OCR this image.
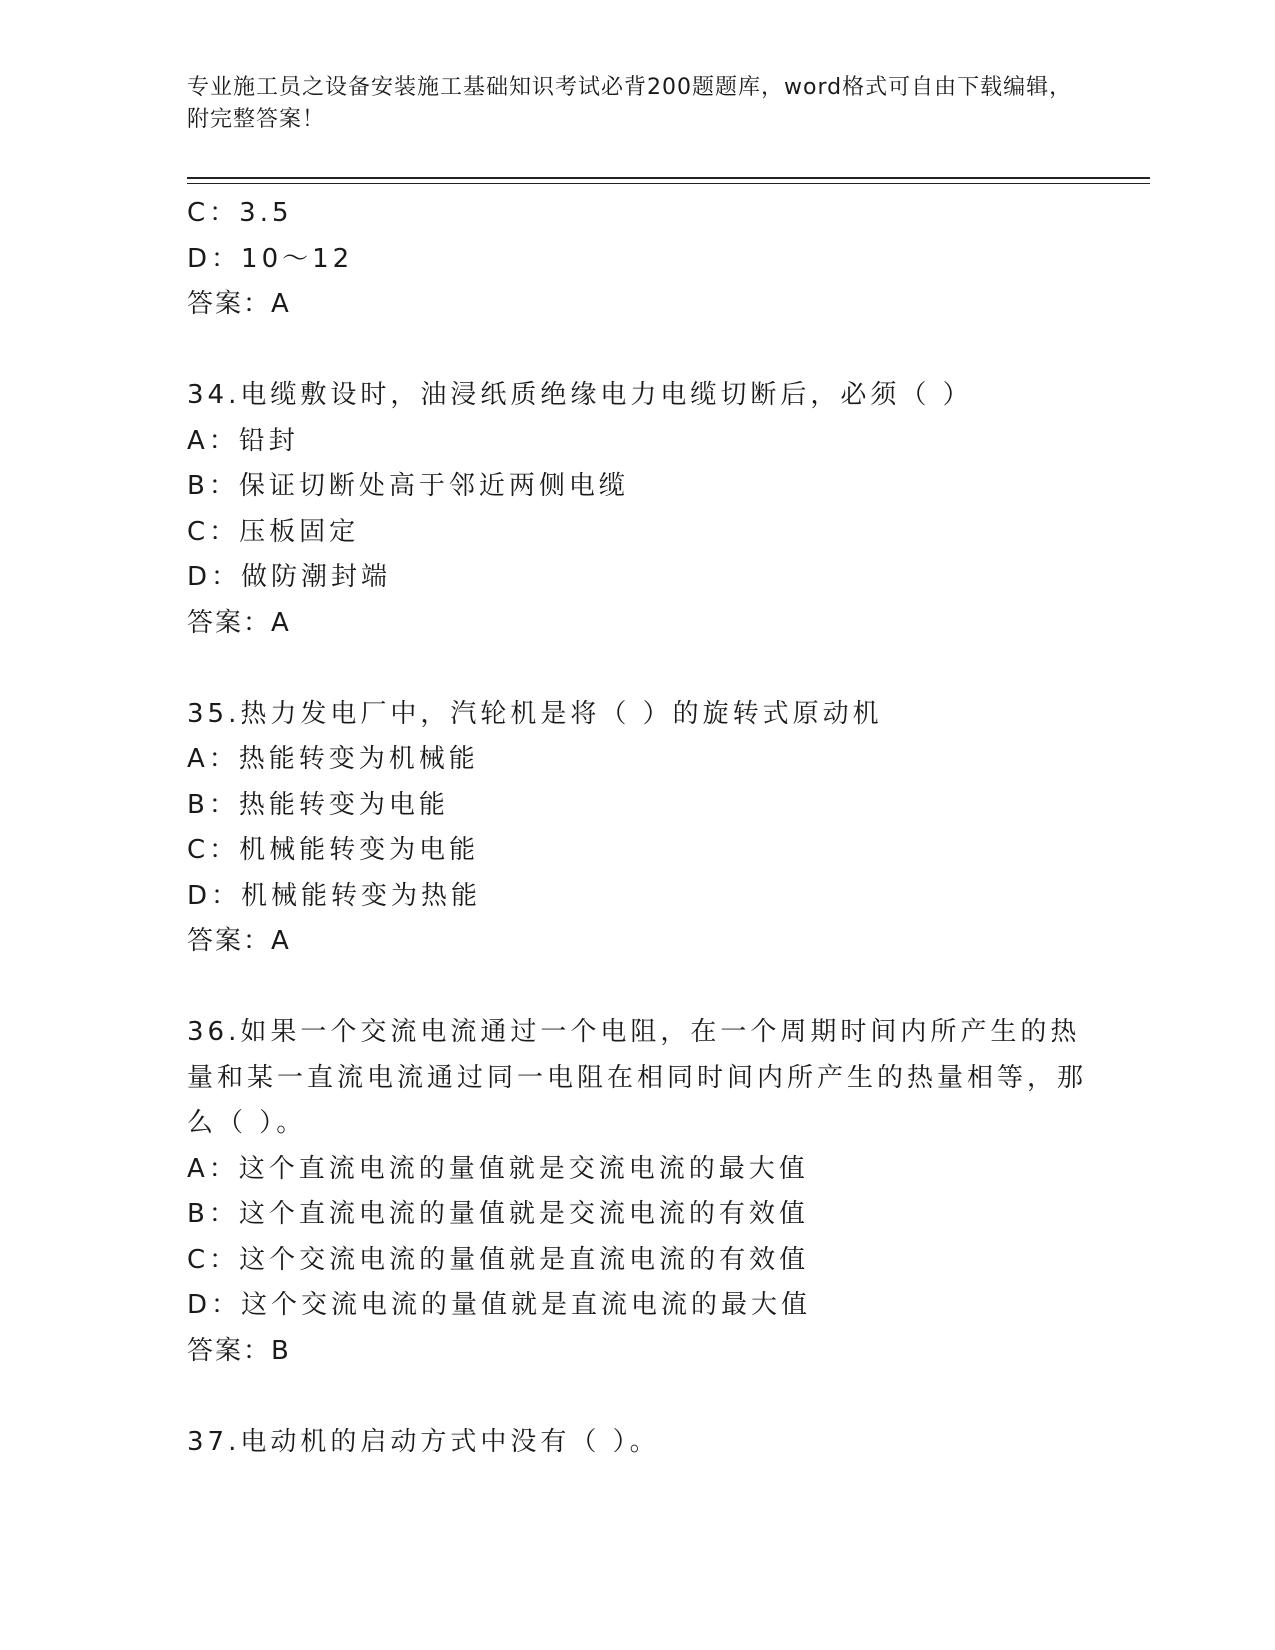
专业施工员之设备安装施工基础知识考试必背200题题库，word格式可自由下载编辑，附完整答案！
C：3.5
D：10～12
答案：A
34.电缆敷设时，油浸纸质绝缘电力电缆切断后，必须（ ）
A：铅封
B：保证切断处高于邻近两侧电缆
C：压板固定
D：做防潮封端
答案：A
35.热力发电厂中，汽轮机是将（ ）的旋转式原动机
A：热能转变为机械能
B：热能转变为电能
C：机械能转变为电能
D：机械能转变为热能
答案：A
36.如果一个交流电流通过一个电阻，在一个周期时间内所产生的热量和某一直流电流通过同一电阻在相同时间内所产生的热量相等，那么（ ）。
A：这个直流电流的量值就是交流电流的最大值
B：这个直流电流的量值就是交流电流的有效值
C：这个交流电流的量值就是直流电流的有效值
D：这个交流电流的量值就是直流电流的最大值
答案：B
37.电动机的启动方式中没有（ ）。
